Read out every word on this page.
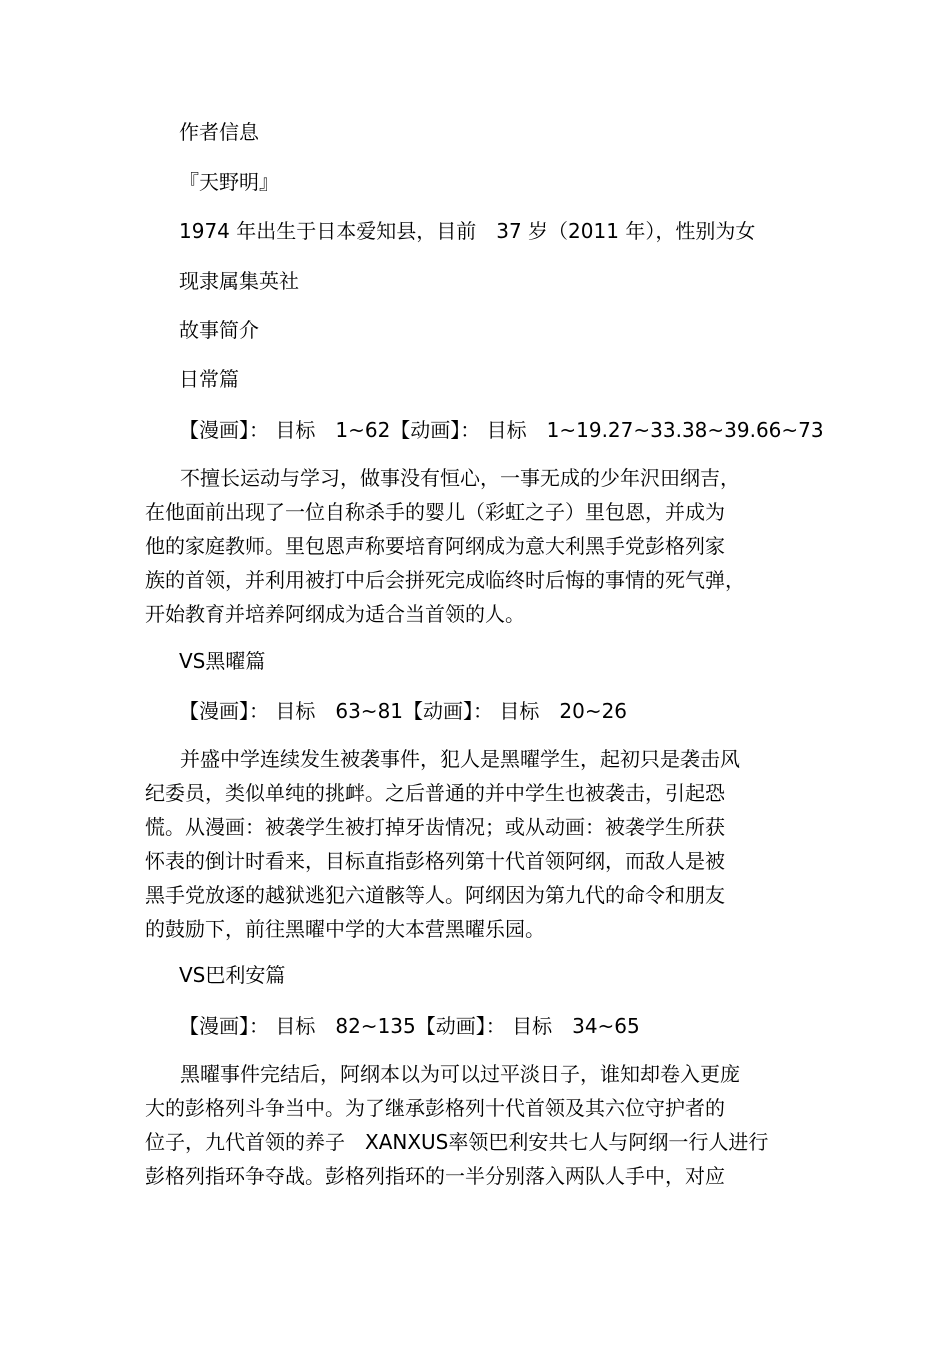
作者信息
『天野明』
1974 年出生于日本爱知县，目前　37 岁（2011 年），性别为女
现隶属集英社
故事简介
日常篇
【漫画】： 目标　1~62【动画】： 目标　1~19.27~33.38~39.66~73
不擅长运动与学习，做事没有恒心，一事无成的少年沢田纲吉，
在他面前出现了一位自称杀手的婴儿（彩虹之子）里包恩，并成为
他的家庭教师。里包恩声称要培育阿纲成为意大利黑手党彭格列家
族的首领，并利用被打中后会拼死完成临终时后悔的事情的死气弹，
开始教育并培养阿纲成为适合当首领的人。
VS黑曜篇
【漫画】： 目标　63~81【动画】： 目标　20~26
并盛中学连续发生被袭事件，犯人是黑曜学生，起初只是袭击风
纪委员，类似单纯的挑衅。之后普通的并中学生也被袭击，引起恐
慌。从漫画：被袭学生被打掉牙齿情况；或从动画：被袭学生所获
怀表的倒计时看来，目标直指彭格列第十代首领阿纲，而敌人是被
黑手党放逐的越狱逃犯六道骸等人。阿纲因为第九代的命令和朋友
的鼓励下，前往黑曜中学的大本营黑曜乐园。
VS巴利安篇
【漫画】： 目标　82~135【动画】： 目标　34~65
黑曜事件完结后，阿纲本以为可以过平淡日子，谁知却卷入更庞
大的彭格列斗争当中。为了继承彭格列十代首领及其六位守护者的
位子，九代首领的养子　XANXUS率领巴利安共七人与阿纲一行人进行
彭格列指环争夺战。彭格列指环的一半分别落入两队人手中，对应
